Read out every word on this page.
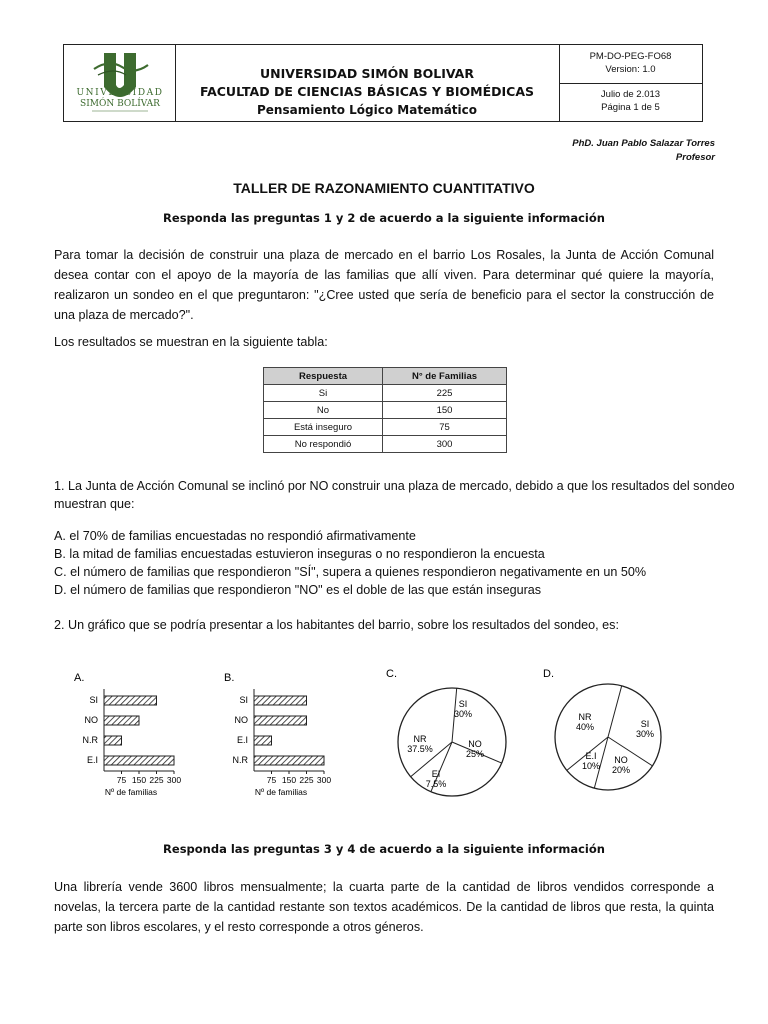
UNIVERSIDAD
SIMÓN BOLÍVAR
UNIVERSIDAD SIMÓN BOLIVAR
FACULTAD DE CIENCIAS BÁSICAS Y BIOMÉDICAS
Pensamiento Lógico Matemático
PM-DO-PEG-FO68
Version: 1.0
Julio de 2.013
Página 1 de 5
PhD. Juan Pablo Salazar Torres
Profesor
TALLER DE RAZONAMIENTO CUANTITATIVO
Responda las preguntas 1 y 2 de acuerdo a la siguiente información
Para tomar la decisión de construir una plaza de mercado en el barrio Los Rosales, la Junta de Acción Comunal desea contar con el apoyo de la mayoría de las familias que allí viven. Para determinar qué quiere la mayoría, realizaron un sondeo en el que preguntaron: "¿Cree usted que sería de beneficio para el sector la construcción de una plaza de mercado?".
Los resultados se muestran en la siguiente tabla:
Respuesta	N° de Familias
Si	225
No	150
Está inseguro	75
No respondió	300
1. La Junta de Acción Comunal se inclinó por NO construir una plaza de mercado, debido a que los resultados del sondeo
muestran que:
A. el 70% de familias encuestadas no respondió afirmativamente
B. la mitad de familias encuestadas estuvieron inseguras o no respondieron la encuesta
C. el número de familias que respondieron "SÍ", supera a quienes respondieron negativamente en un 50%
D. el número de familias que respondieron "NO" es el doble de las que están inseguras
2. Un gráfico que se podría presentar a los habitantes del barrio, sobre los resultados del sondeo, es:
A.
SI
NO
N.R
E.I
75 150 225 300
Nº de familias
B.
SI
NO
E.I
N.R
75 150 225 300
Nº de familias
C.
SI
30%
NO
25%
EI
7.5%
NR
37.5%
D.
SI
30%
NO
20%
E.I
10%
NR
40%
Responda las preguntas 3 y 4 de acuerdo a la siguiente información
Una librería vende 3600 libros mensualmente; la cuarta parte de la cantidad de libros vendidos corresponde a novelas, la tercera parte de la cantidad restante son textos académicos. De la cantidad de libros que resta, la quinta parte son libros escolares, y el resto corresponde a otros géneros.
